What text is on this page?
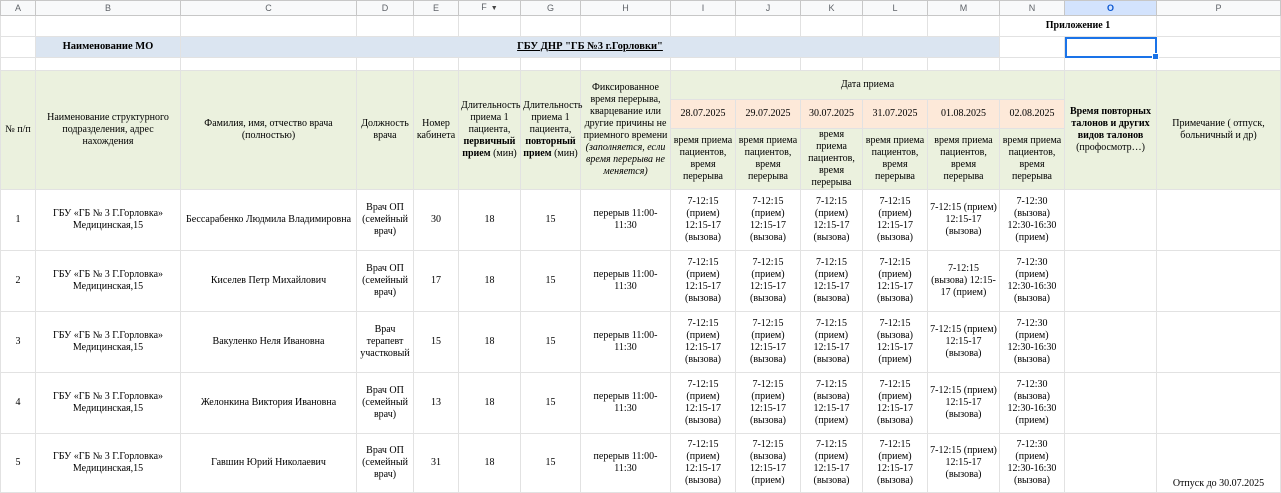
A	B	C	D	E	F ▼	G	H	I	J	K	L	M	N	O	P
													Приложение 1		
	Наименование МО	ГБУ ДНР "ГБ №3 г.Горловки"												

№ п/п	Наименование структурного подразделения, адрес нахождения	Фамилия, имя, отчество врача (полностью)	Должность врача	Номер кабинета	Длительность приема 1 пациента, первичный прием (мин)	Длительность приема 1 пациента, повторный прием (мин)	Фиксированное время перерыва, кварцевание или другие причины не приемного времени (заполняется, если время перерыва не меняется)	Дата приема						Время повторных талонов и других видов талонов (профосмотр…)	Примечание ( отпуск, больничный и др)
								28.07.2025	29.07.2025	30.07.2025	31.07.2025	01.08.2025	02.08.2025		
								время приема пациентов, время перерыва	время приема пациентов, время перерыва	время приема пациентов, время перерыва	время приема пациентов, время перерыва	время приема пациентов, время перерыва	время приема пациентов, время перерыва		
1	ГБУ «ГБ № 3 Г.Горловка» Медицинская,15	Бессарабенко Людмила Владимировна	Врач ОП (семейный врач)	30	18	15	перерыв 11:00-11:30	7-12:15 (прием) 12:15-17 (вызова)	7-12:15 (прием) 12:15-17 (вызова)	7-12:15 (прием) 12:15-17 (вызова)	7-12:15 (прием) 12:15-17 (вызова)	7-12:15 (прием) 12:15-17 (вызова)	7-12:30 (вызова) 12:30-16:30 (прием)		
2	ГБУ «ГБ № 3 Г.Горловка» Медицинская,15	Киселев Петр Михайлович	Врач ОП (семейный врач)	17	18	15	перерыв 11:00-11:30	7-12:15 (прием) 12:15-17 (вызова)	7-12:15 (прием) 12:15-17 (вызова)	7-12:15 (прием) 12:15-17 (вызова)	7-12:15 (прием) 12:15-17 (вызова)	7-12:15 (вызова) 12:15-17 (прием)	7-12:30 (прием) 12:30-16:30 (вызова)		
3	ГБУ «ГБ № 3 Г.Горловка» Медицинская,15	Вакуленко Неля Ивановна	Врач терапевт участковый	15	18	15	перерыв 11:00-11:30	7-12:15 (прием) 12:15-17 (вызова)	7-12:15 (прием) 12:15-17 (вызова)	7-12:15 (прием) 12:15-17 (вызова)	7-12:15 (вызова) 12:15-17 (прием)	7-12:15 (прием) 12:15-17 (вызова)	7-12:30 (прием) 12:30-16:30 (вызова)		
4	ГБУ «ГБ № 3 Г.Горловка» Медицинская,15	Желонкина Виктория Ивановна	Врач ОП (семейный врач)	13	18	15	перерыв 11:00-11:30	7-12:15 (прием) 12:15-17 (вызова)	7-12:15 (прием) 12:15-17 (вызова)	7-12:15 (вызова) 12:15-17 (прием)	7-12:15 (прием) 12:15-17 (вызова)	7-12:15 (прием) 12:15-17 (вызова)	7-12:30 (вызова) 12:30-16:30 (прием)		
5	ГБУ «ГБ № 3 Г.Горловка» Медицинская,15	Гавшин Юрий Николаевич	Врач ОП (семейный врач)	31	18	15	перерыв 11:00-11:30	7-12:15 (прием) 12:15-17 (вызова)	7-12:15 (вызова) 12:15-17 (прием)	7-12:15 (прием) 12:15-17 (вызова)	7-12:15 (прием) 12:15-17 (вызова)	7-12:15 (прием) 12:15-17 (вызова)	7-12:30 (прием) 12:30-16:30 (вызова)		Отпуск до 30.07.2025
